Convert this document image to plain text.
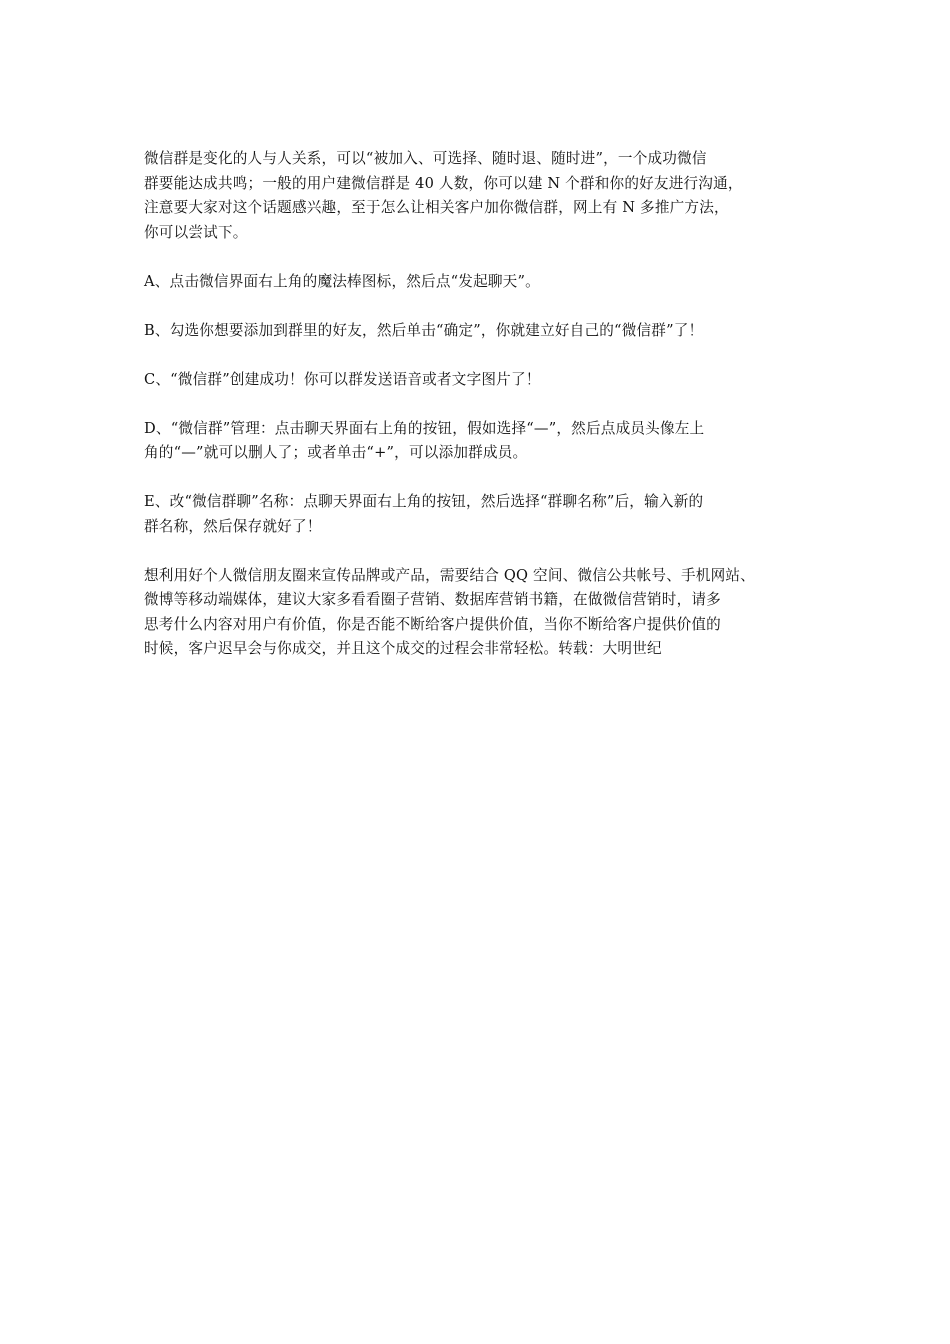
微信群是变化的人与人关系，可以“被加入、可选择、随时退、随时进”，一个成功微信
群要能达成共鸣；一般的用户建微信群是 40 人数，你可以建 N 个群和你的好友进行沟通，
注意要大家对这个话题感兴趣，至于怎么让相关客户加你微信群，网上有 N 多推广方法，
你可以尝试下。

A、点击微信界面右上角的魔法棒图标，然后点“发起聊天”。

B、勾选你想要添加到群里的好友，然后单击“确定”，你就建立好自己的“微信群”了！

C、“微信群”创建成功！你可以群发送语音或者文字图片了！

D、“微信群”管理：点击聊天界面右上角的按钮，假如选择“—”，然后点成员头像左上
角的“—”就可以删人了；或者单击“+”，可以添加群成员。

E、改“微信群聊”名称：点聊天界面右上角的按钮，然后选择“群聊名称”后，输入新的
群名称，然后保存就好了！

想利用好个人微信朋友圈来宣传品牌或产品，需要结合 QQ 空间、微信公共帐号、手机网站、
微博等移动端媒体，建议大家多看看圈子营销、数据库营销书籍，在做微信营销时，请多
思考什么内容对用户有价值，你是否能不断给客户提供价值，当你不断给客户提供价值的
时候，客户迟早会与你成交，并且这个成交的过程会非常轻松。转载：大明世纪
